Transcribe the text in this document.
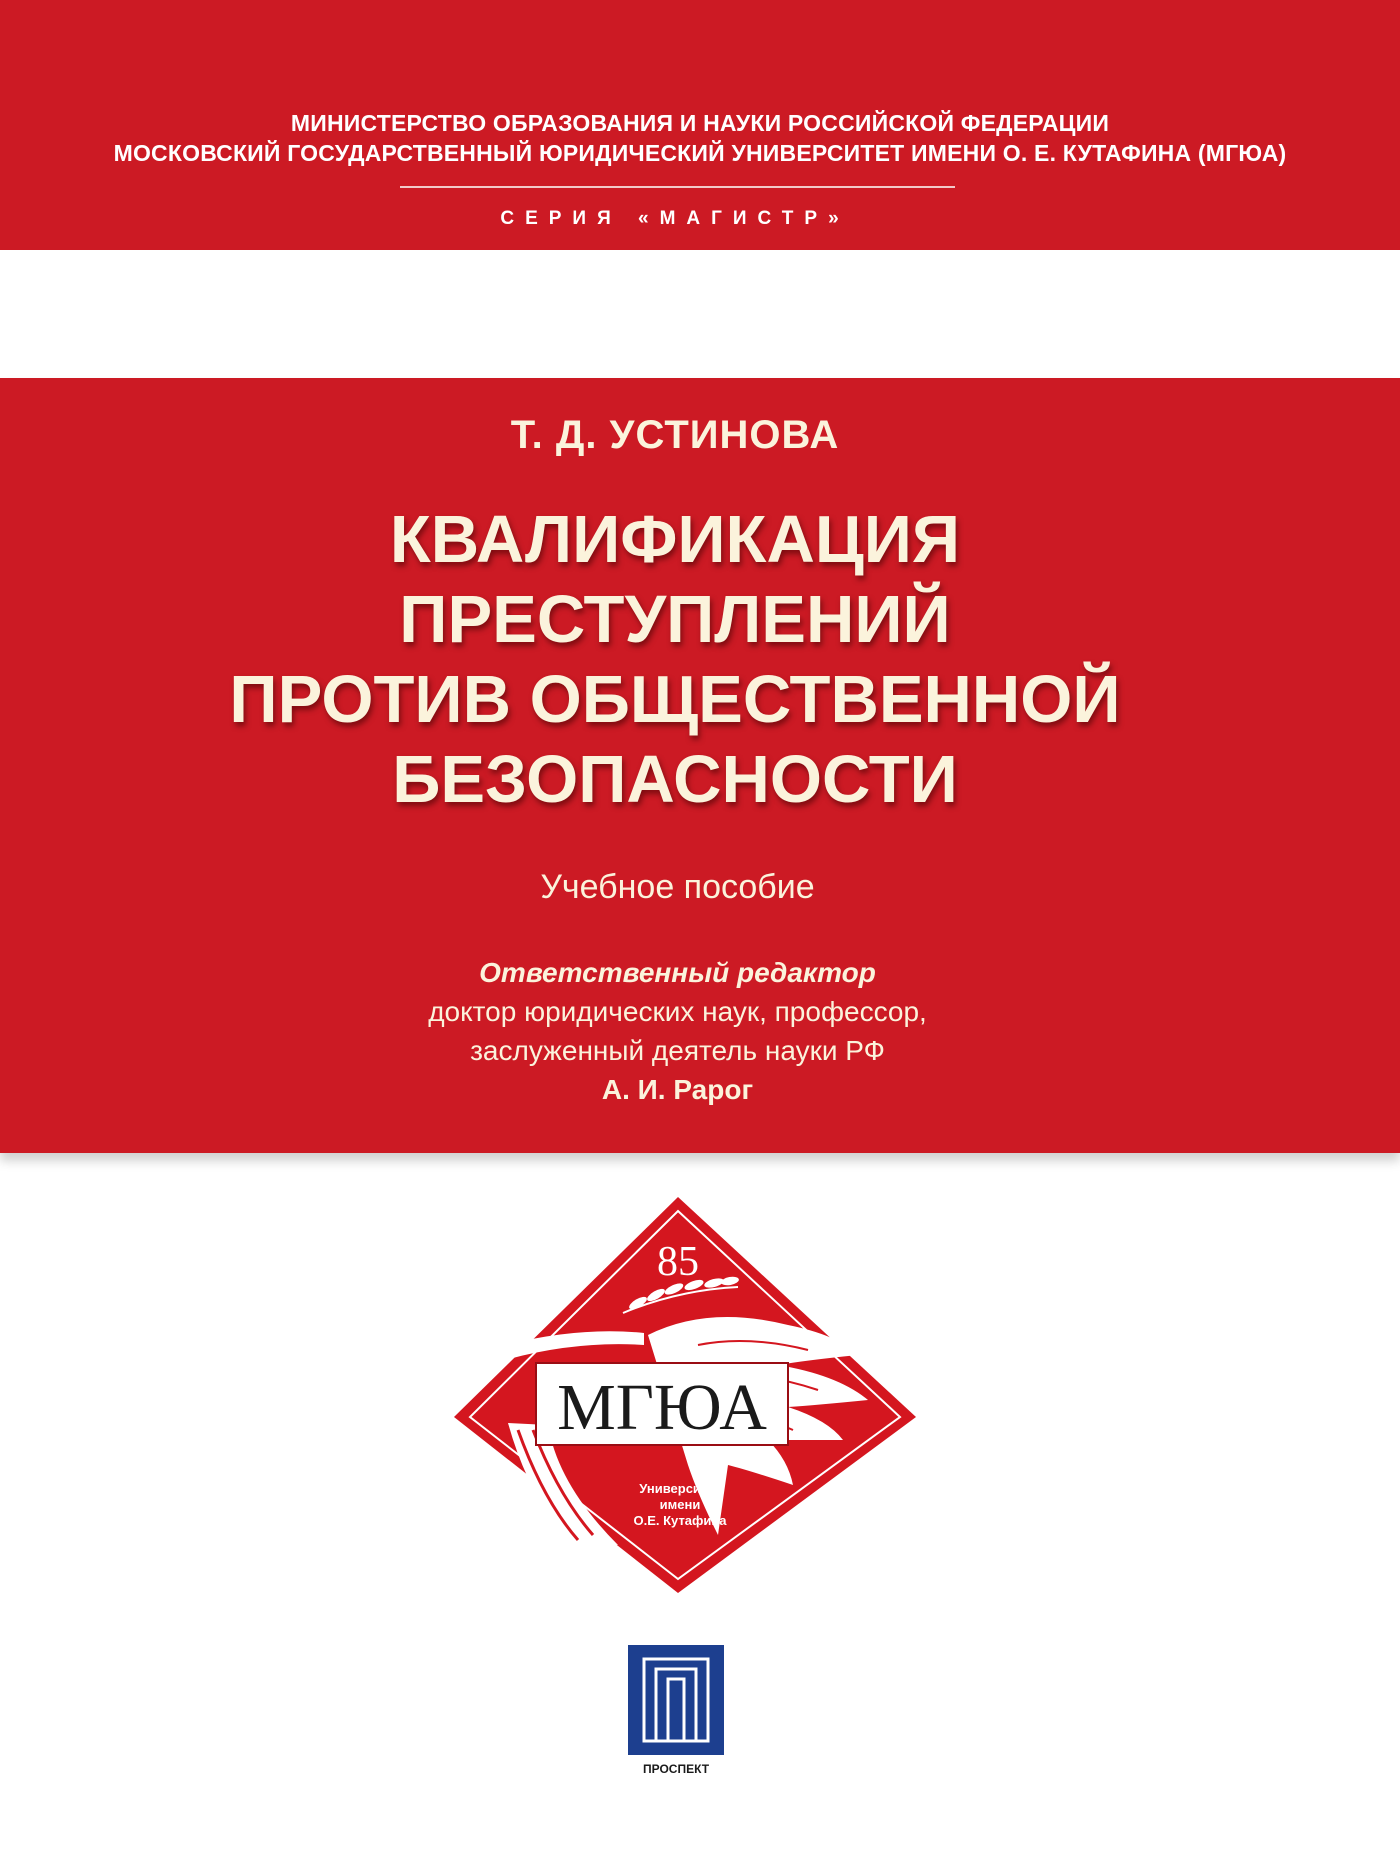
МИНИСТЕРСТВО ОБРАЗОВАНИЯ И НАУКИ РОССИЙСКОЙ ФЕДЕРАЦИИ
МОСКОВСКИЙ ГОСУДАРСТВЕННЫЙ ЮРИДИЧЕСКИЙ УНИВЕРСИТЕТ ИМЕНИ О. Е. КУТАФИНА (МГЮА)
СЕРИЯ «МАГИСТР»
Т. Д. УСТИНОВА
КВАЛИФИКАЦИЯ
ПРЕСТУПЛЕНИЙ
ПРОТИВ ОБЩЕСТВЕННОЙ
БЕЗОПАСНОСТИ
Учебное пособие
Ответственный редактор
доктор юридических наук, профессор,
заслуженный деятель науки РФ
А. И. Рарог
85
МГЮА
Университет
имени
О.Е. Кутафина
ПРОСПЕКТ
